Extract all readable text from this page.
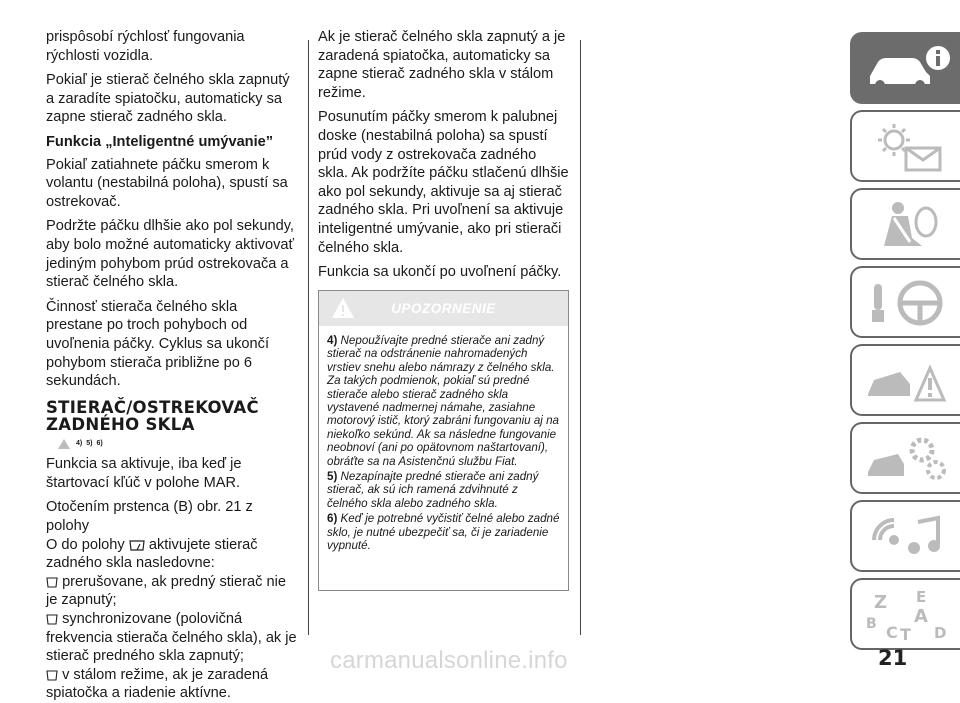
prispôsobí rýchlosť fungovania rýchlosti vozidla.

Pokiaľ je stierač čelného skla zapnutý a zaradíte spiatočku, automaticky sa zapne stierač zadného skla.

Funkcia „Inteligentné umývanie”

Pokiaľ zatiahnete páčku smerom k volantu (nestabilná poloha), spustí sa ostrekovač.

Podržte páčku dlhšie ako pol sekundy, aby bolo možné automaticky aktivovať jediným pohybom prúd ostrekovača a stierač čelného skla.

Činnosť stierača čelného skla prestane po troch pohyboch od uvoľnenia páčky. Cyklus sa ukončí pohybom stierača približne po 6 sekundách.

STIERAČ/OSTREKOVAČ
ZADNÉHO SKLA
4) 5) 6)

Funkcia sa aktivuje, iba keď je štartovací kľúč v polohe MAR.

Otočením prstenca (B) obr. 21 z polohy
O do polohy aktivujete stierač zadného skla nasledovne:

prerušovane, ak predný stierač nie je zapnutý;

synchronizovane (polovičná frekvencia stierača čelného skla), ak je stierač predného skla zapnutý;

v stálom režime, ak je zaradená spiatočka a riadenie aktívne.

Ak je stierač čelného skla zapnutý a je zaradená spiatočka, automaticky sa zapne stierač zadného skla v stálom režime.

Posunutím páčky smerom k palubnej doske (nestabilná poloha) sa spustí prúd vody z ostrekovača zadného skla. Ak podržíte páčku stlačenú dlhšie ako pol sekundy, aktivuje sa aj stierač zadného skla. Pri uvoľnení sa aktivuje inteligentné umývanie, ako pri stierači čelného skla.

Funkcia sa ukončí po uvoľnení páčky.

UPOZORNENIE

4) Nepoužívajte predné stierače ani zadný stierač na odstránenie nahromadených vrstiev snehu alebo námrazy z čelného skla. Za takých podmienok, pokiaľ sú predné stierače alebo stierač zadného skla vystavené nadmernej námahe, zasiahne motorový istič, ktorý zabráni fungovaniu aj na niekoľko sekúnd. Ak sa následne fungovanie neobnoví (ani po opätovnom naštartovaní), obráťte sa na Asistenčnú službu Fiat.

5) Nezapínajte predné stierače ani zadný stierač, ak sú ich ramená zdvihnuté z čelného skla alebo zadného skla.

6) Keď je potrebné vyčistiť čelné alebo zadné sklo, je nutné ubezpečiť sa, či je zariadenie vypnuté.

Z E
B A
C T D
carmanualsonline.info	21
